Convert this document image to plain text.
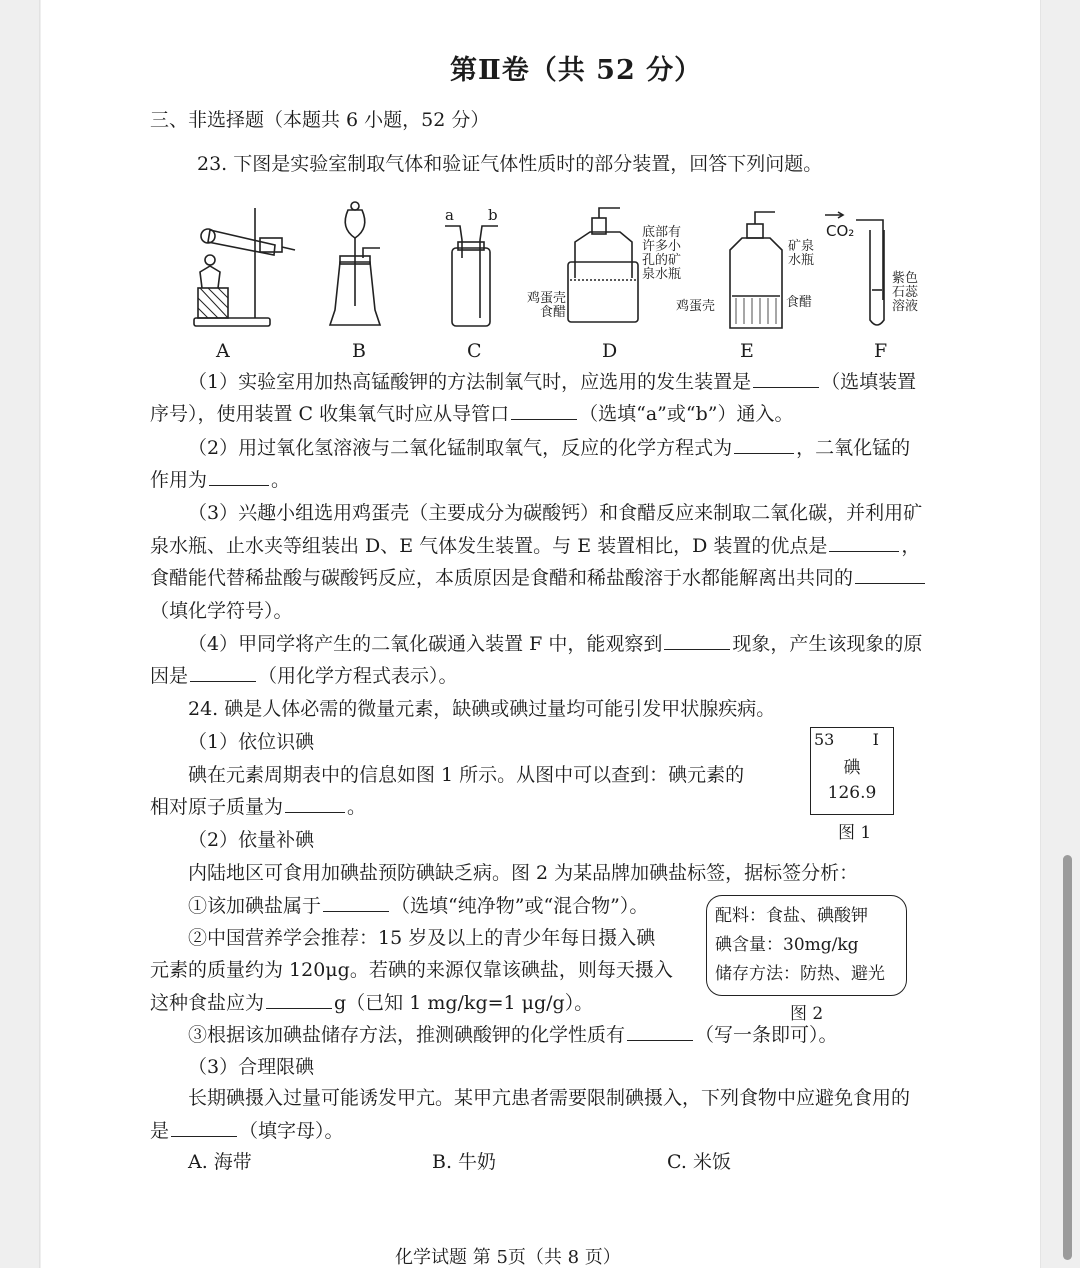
第Ⅱ卷（共 52 分）
三、非选择题（本题共 6 小题，52 分）
23. 下图是实验室制取气体和验证气体性质时的部分装置，回答下列问题。
a b
底部有
许多小
孔的矿
泉水瓶
鸡蛋壳
食醋
矿泉
水瓶
鸡蛋壳	食醋
CO₂
紫色
石蕊
溶液
A	B	C	D	E	F
（1）实验室用加热高锰酸钾的方法制氧气时，应选用的发生装置是	（选填装置
序号），使用装置 C 收集氧气时应从导管口	（选填“a”或“b”）通入。
（2）用过氧化氢溶液与二氧化锰制取氧气，反应的化学方程式为	，二氧化锰的
作用为	。
（3）兴趣小组选用鸡蛋壳（主要成分为碳酸钙）和食醋反应来制取二氧化碳，并利用矿
泉水瓶、止水夹等组装出 D、E 气体发生装置。与 E 装置相比，D 装置的优点是	，
食醋能代替稀盐酸与碳酸钙反应，本质原因是食醋和稀盐酸溶于水都能解离出共同的
（填化学符号）。
（4）甲同学将产生的二氧化碳通入装置 F 中，能观察到	现象，产生该现象的原
因是	（用化学方程式表示）。
24. 碘是人体必需的微量元素，缺碘或碘过量均可能引发甲状腺疾病。
（1）依位识碘
碘在元素周期表中的信息如图 1 所示。从图中可以查到：碘元素的
相对原子质量为	。
53 I
碘
126.9
图 1
（2）依量补碘
内陆地区可食用加碘盐预防碘缺乏病。图 2 为某品牌加碘盐标签，据标签分析：
①该加碘盐属于	（选填“纯净物”或“混合物”）。
②中国营养学会推荐：15 岁及以上的青少年每日摄入碘
元素的质量约为 120μg。若碘的来源仅靠该碘盐，则每天摄入
这种食盐应为	g（已知 1 mg/kg=1 μg/g）。
配料：食盐、碘酸钾
碘含量：30mg/kg
储存方法：防热、避光
图 2
③根据该加碘盐储存方法，推测碘酸钾的化学性质有	（写一条即可）。
（3）合理限碘
长期碘摄入过量可能诱发甲亢。某甲亢患者需要限制碘摄入，下列食物中应避免食用的
是	（填字母）。
A. 海带	B. 牛奶	C. 米饭
化学试题 第 5页（共 8 页）
